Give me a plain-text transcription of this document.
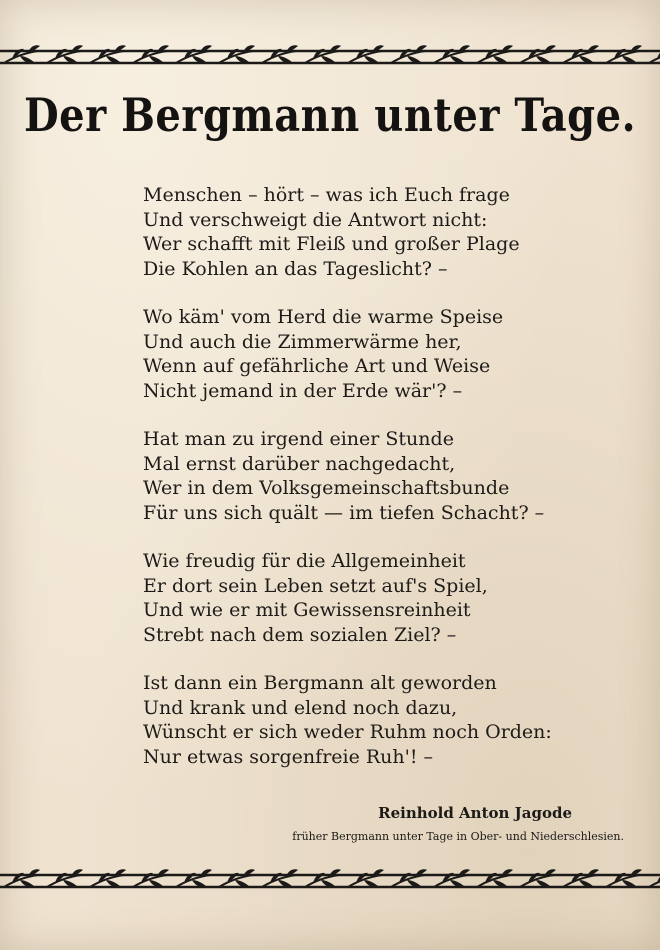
Der Bergmann unter Tage.
Menschen – hört – was ich Euch frage
Und verschweigt die Antwort nicht:
Wer schafft mit Fleiß und großer Plage
Die Kohlen an das Tageslicht? –
Wo käm' vom Herd die warme Speise
Und auch die Zimmerwärme her,
Wenn auf gefährliche Art und Weise
Nicht jemand in der Erde wär'? –
Hat man zu irgend einer Stunde
Mal ernst darüber nachgedacht,
Wer in dem Volksgemeinschaftsbunde
Für uns sich quält — im tiefen Schacht? –
Wie freudig für die Allgemeinheit
Er dort sein Leben setzt auf's Spiel,
Und wie er mit Gewissensreinheit
Strebt nach dem sozialen Ziel? –
Ist dann ein Bergmann alt geworden
Und krank und elend noch dazu,
Wünscht er sich weder Ruhm noch Orden:
Nur etwas sorgenfreie Ruh'! –
Reinhold Anton Jagode
früher Bergmann unter Tage in Ober- und Niederschlesien.
